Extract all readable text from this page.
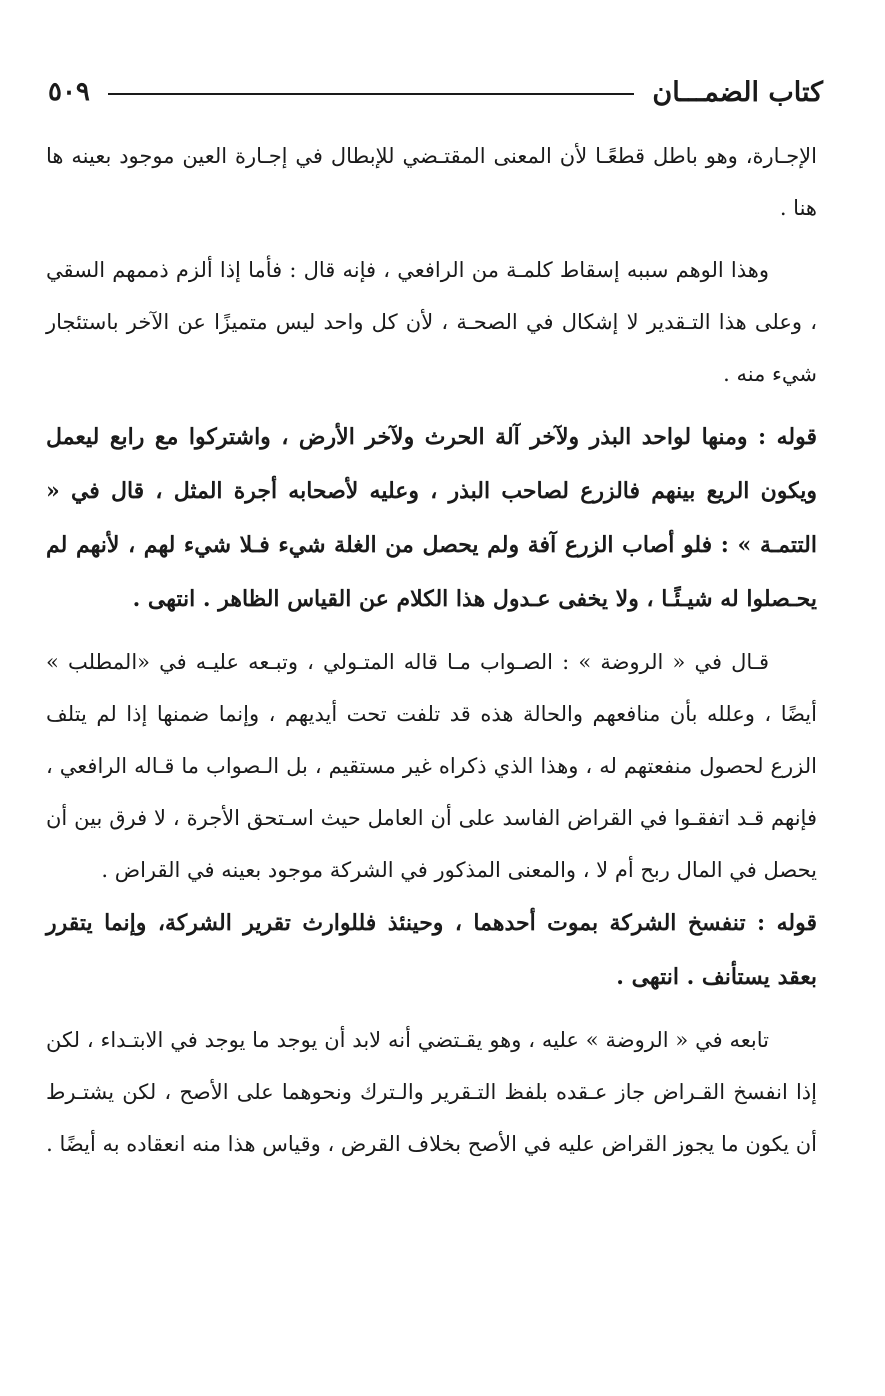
كتاب الضمـــان
٥٠٩

الإجـارة، وهو باطل قطعًـا لأن المعنى المقتـضي للإبطال في إجـارة العين موجود بعينه ها هنا .

وهذا الوهم سببه إسقاط كلمـة من الرافعي ، فإنه قال : فأما إذا ألزم ذممهم السقي ، وعلى هذا التـقدير لا إشكال في الصحـة ، لأن كل واحد ليس متميزًا عن الآخر باستئجار شيء منه .

قوله : ومنها لواحد البذر ولآخر آلة الحرث ولآخر الأرض ، واشتركوا مع رابع ليعمل ويكون الريع بينهم فالزرع لصاحب البذر ، وعليه لأصحابه أجرة المثل ، قال في « التتمـة » : فلو أصاب الزرع آفة ولم يحصل من الغلة شيء فـلا شيء لهم ، لأنهم لم يحـصلوا له شيـئًـا ، ولا يخفى عـدول هذا الكلام عن القياس الظاهر . انتهى .

قـال في « الروضة » : الصـواب مـا قاله المتـولي ، وتبـعه عليـه في «المطلب » أيضًا ، وعلله بأن منافعهم والحالة هذه قد تلفت تحت أيديهم ، وإنما ضمنها إذا لم يتلف الزرع لحصول منفعتهم له ، وهذا الذي ذكراه غير مستقيم ، بل الـصواب ما قـاله الرافعي ، فإنهم قـد اتفقـوا في القراض الفاسد على أن العامل حيث اسـتحق الأجرة ، لا فرق بين أن يحصل في المال ربح أم لا ، والمعنى المذكور في الشركة موجود بعينه في القراض .

قوله : تنفسخ الشركة بموت أحدهما ، وحينئذ فللوارث تقرير الشركة، وإنما يتقرر بعقد يستأنف . انتهى .

تابعه في « الروضة » عليه ، وهو يقـتضي أنه لابد أن يوجد ما يوجد في الابتـداء ، لكن إذا انفسخ القـراض جاز عـقده بلفظ التـقرير والـترك ونحوهما على الأصح ، لكن يشتـرط أن يكون ما يجوز القراض عليه في الأصح بخلاف القرض ، وقياس هذا منه انعقاده به أيضًا .
